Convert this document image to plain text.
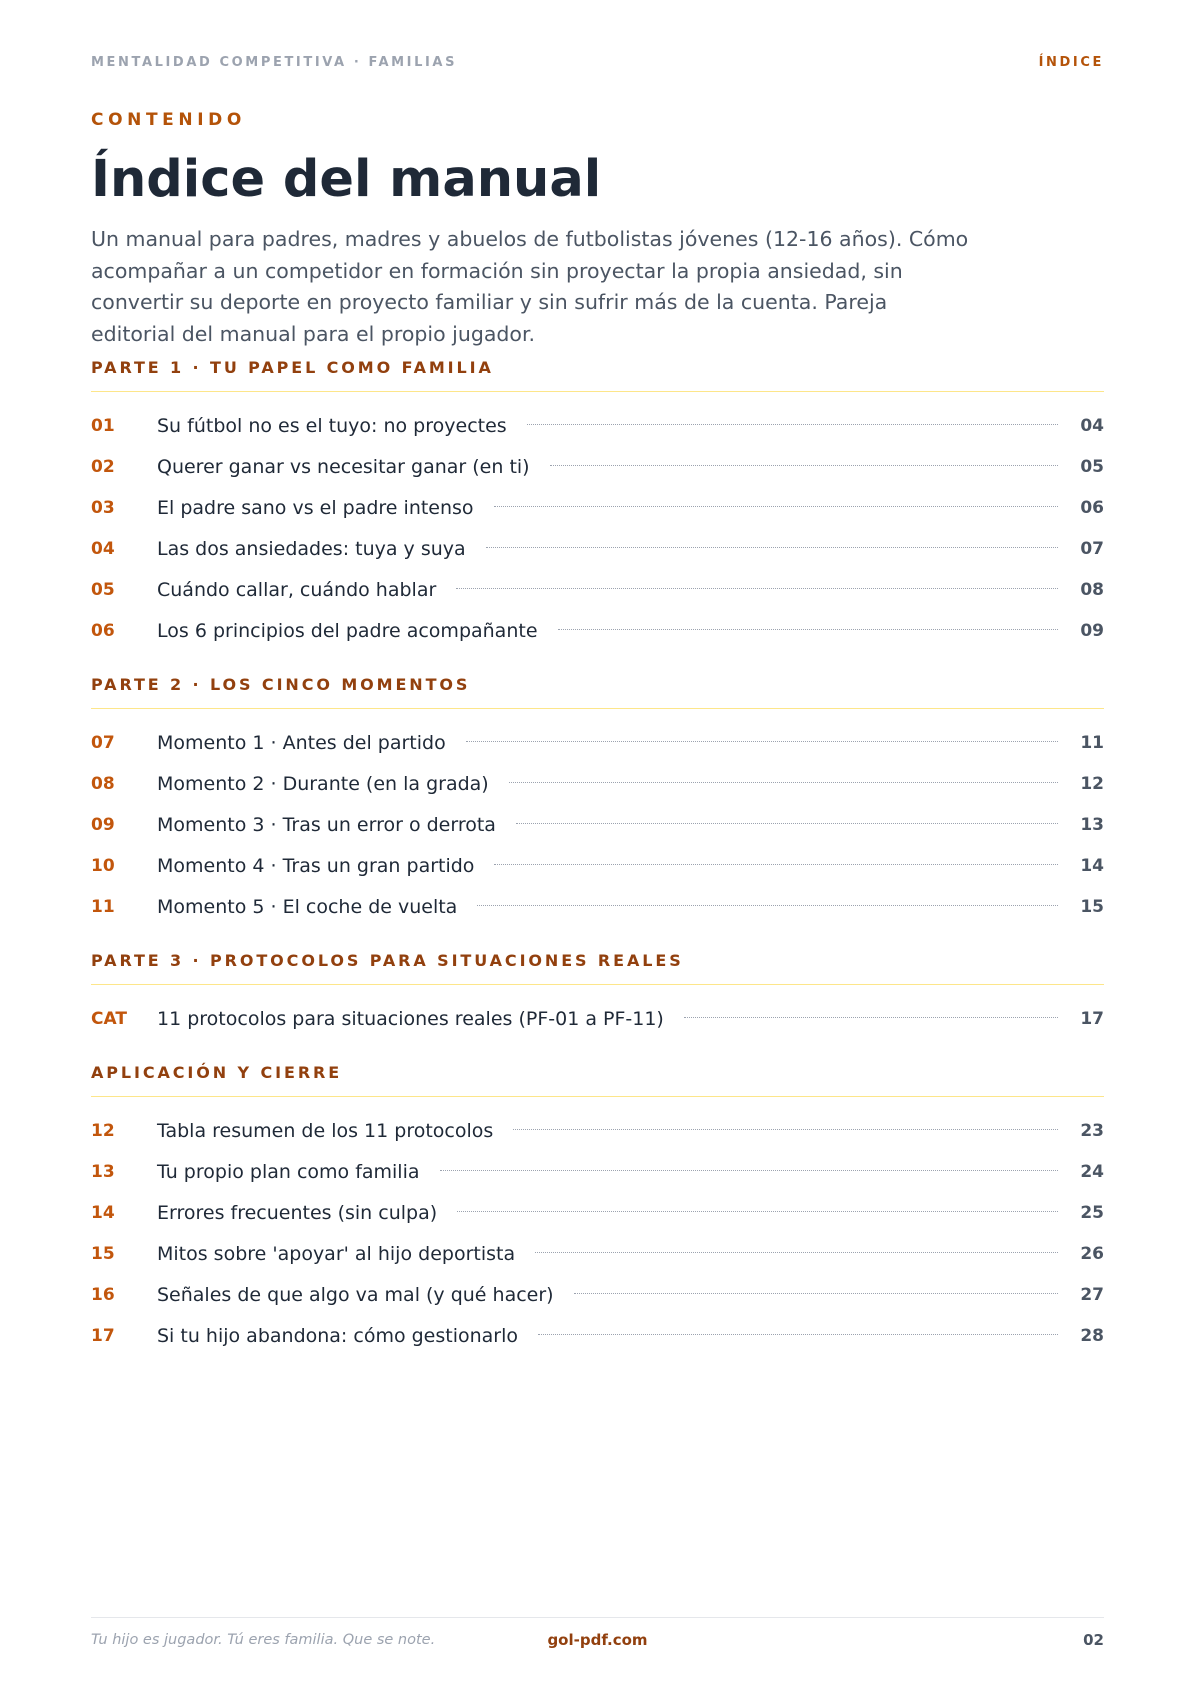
MENTALIDAD COMPETITIVA · FAMILIAS	ÍNDICE
CONTENIDO
Índice del manual

Un manual para padres, madres y abuelos de futbolistas jóvenes (12-16 años). Cómo acompañar a un competidor en formación sin proyectar la propia ansiedad, sin convertir su deporte en proyecto familiar y sin sufrir más de la cuenta. Pareja editorial del manual para el propio jugador.

PARTE 1 · TU PAPEL COMO FAMILIA
01	Su fútbol no es el tuyo: no proyectes	04
02	Querer ganar vs necesitar ganar (en ti)	05
03	El padre sano vs el padre intenso	06
04	Las dos ansiedades: tuya y suya	07
05	Cuándo callar, cuándo hablar	08
06	Los 6 principios del padre acompañante	09
PARTE 2 · LOS CINCO MOMENTOS
07	Momento 1 · Antes del partido	11
08	Momento 2 · Durante (en la grada)	12
09	Momento 3 · Tras un error o derrota	13
10	Momento 4 · Tras un gran partido	14
11	Momento 5 · El coche de vuelta	15
PARTE 3 · PROTOCOLOS PARA SITUACIONES REALES
CAT	11 protocolos para situaciones reales (PF-01 a PF-11)	17
APLICACIÓN Y CIERRE
12	Tabla resumen de los 11 protocolos	23
13	Tu propio plan como familia	24
14	Errores frecuentes (sin culpa)	25
15	Mitos sobre 'apoyar' al hijo deportista	26
16	Señales de que algo va mal (y qué hacer)	27
17	Si tu hijo abandona: cómo gestionarlo	28
Tu hijo es jugador. Tú eres familia. Que se note.	gol-pdf.com	02
